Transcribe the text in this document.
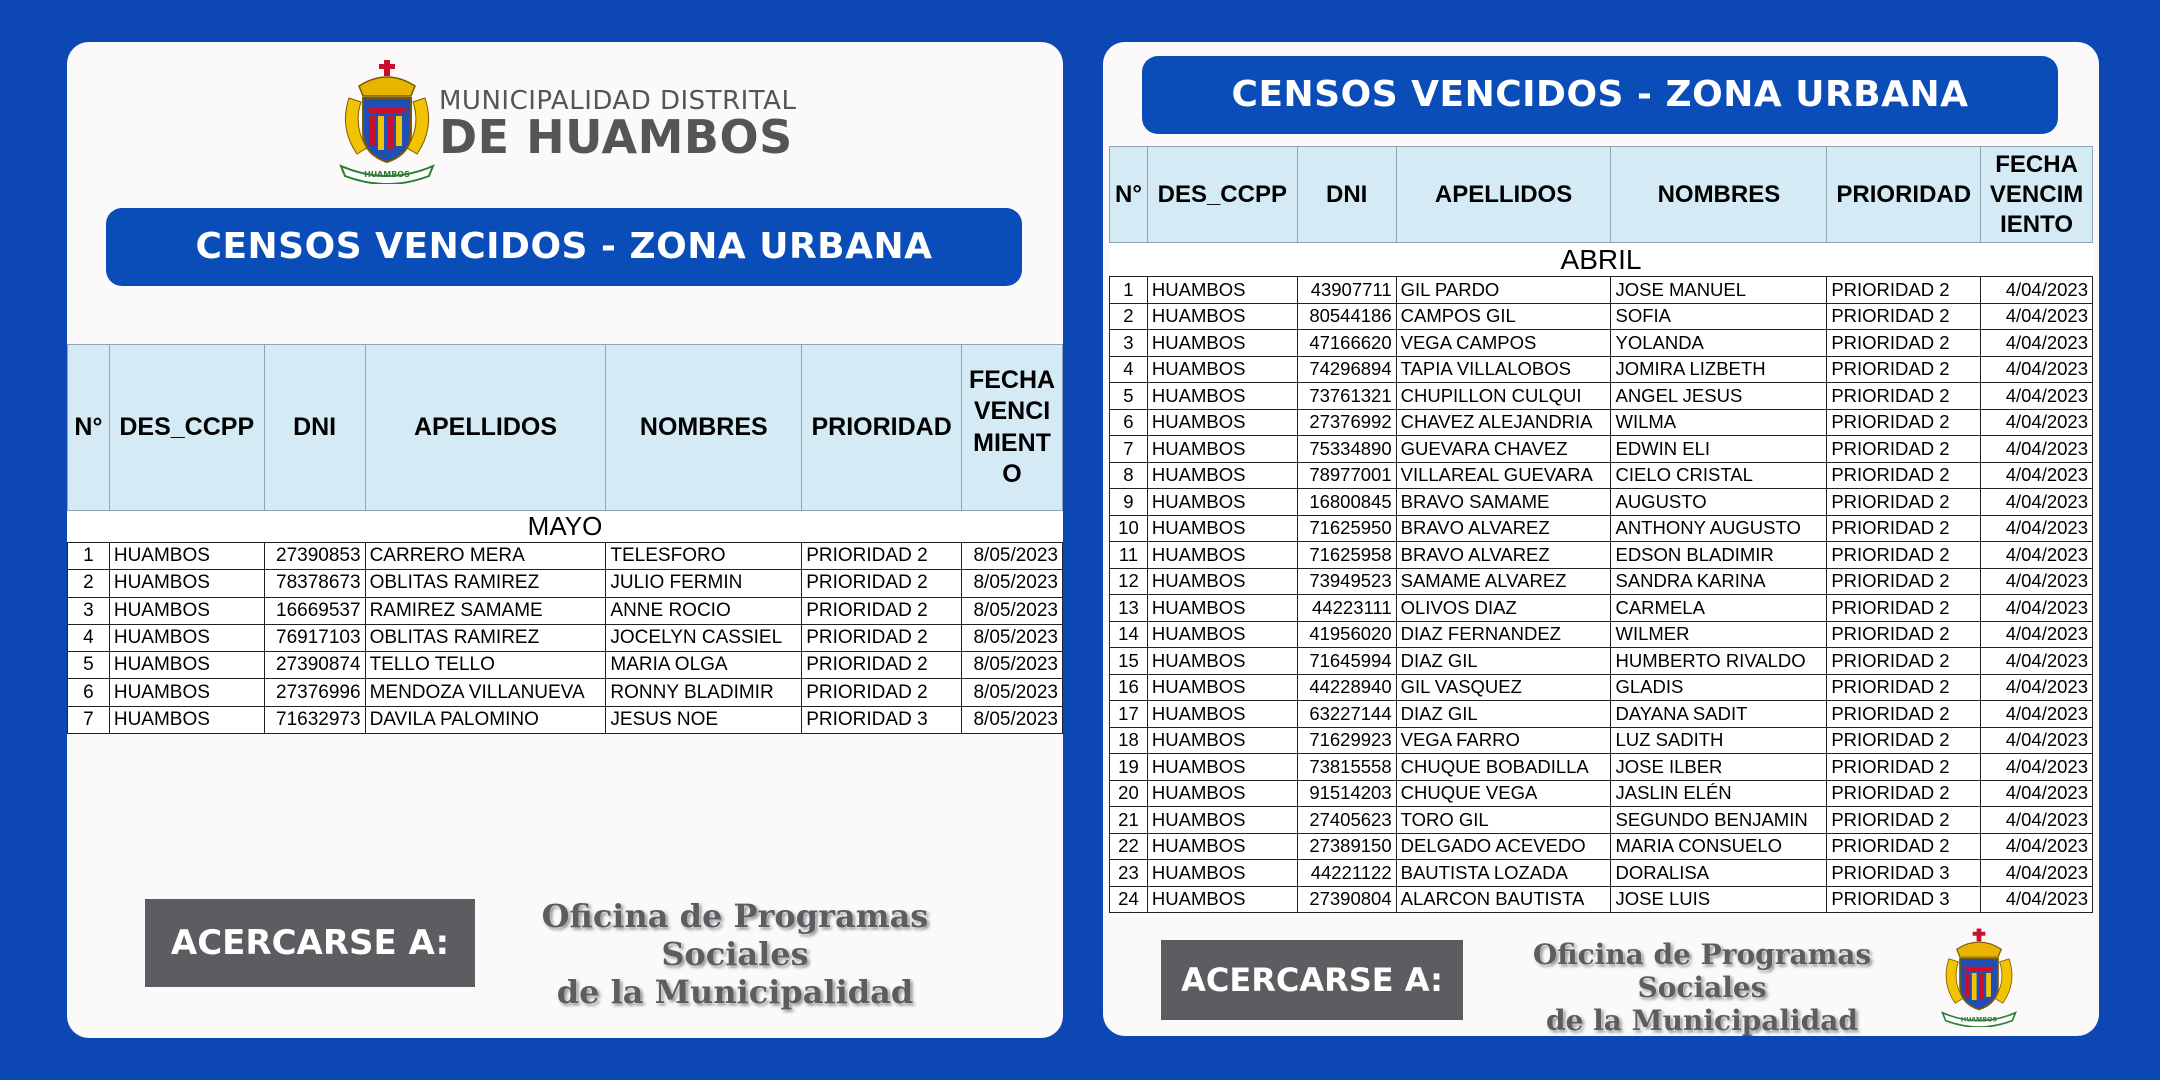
HUAMBOS
MUNICIPALIDAD DISTRITAL
DE HUAMBOS
CENSOS VENCIDOS - ZONA URBANA
N°	DES_CCPP	DNI	APELLIDOS	NOMBRES	PRIORIDAD	FECHA VENCI MIENT O
MAYO						
1	HUAMBOS	27390853	CARRERO MERA	TELESFORO	PRIORIDAD 2	8/05/2023
2	HUAMBOS	78378673	OBLITAS RAMIREZ	JULIO FERMIN	PRIORIDAD 2	8/05/2023
3	HUAMBOS	16669537	RAMIREZ SAMAME	ANNE ROCIO	PRIORIDAD 2	8/05/2023
4	HUAMBOS	76917103	OBLITAS RAMIREZ	JOCELYN CASSIEL	PRIORIDAD 2	8/05/2023
5	HUAMBOS	27390874	TELLO TELLO	MARIA OLGA	PRIORIDAD 2	8/05/2023
6	HUAMBOS	27376996	MENDOZA VILLANUEVA	RONNY BLADIMIR	PRIORIDAD 2	8/05/2023
7	HUAMBOS	71632973	DAVILA PALOMINO	JESUS NOE	PRIORIDAD 3	8/05/2023
ACERCARSE A:
Oficina de Programas Sociales
de la Municipalidad
CENSOS VENCIDOS - ZONA URBANA
N°	DES_CCPP	DNI	APELLIDOS	NOMBRES	PRIORIDAD	FECHA VENCIM IENTO
ABRIL						
1	HUAMBOS	43907711	GIL PARDO	JOSE MANUEL	PRIORIDAD 2	4/04/2023
2	HUAMBOS	80544186	CAMPOS GIL	SOFIA	PRIORIDAD 2	4/04/2023
3	HUAMBOS	47166620	VEGA CAMPOS	YOLANDA	PRIORIDAD 2	4/04/2023
4	HUAMBOS	74296894	TAPIA VILLALOBOS	JOMIRA LIZBETH	PRIORIDAD 2	4/04/2023
5	HUAMBOS	73761321	CHUPILLON CULQUI	ANGEL JESUS	PRIORIDAD 2	4/04/2023
6	HUAMBOS	27376992	CHAVEZ ALEJANDRIA	WILMA	PRIORIDAD 2	4/04/2023
7	HUAMBOS	75334890	GUEVARA CHAVEZ	EDWIN ELI	PRIORIDAD 2	4/04/2023
8	HUAMBOS	78977001	VILLAREAL GUEVARA	CIELO CRISTAL	PRIORIDAD 2	4/04/2023
9	HUAMBOS	16800845	BRAVO SAMAME	AUGUSTO	PRIORIDAD 2	4/04/2023
10	HUAMBOS	71625950	BRAVO ALVAREZ	ANTHONY AUGUSTO	PRIORIDAD 2	4/04/2023
11	HUAMBOS	71625958	BRAVO ALVAREZ	EDSON BLADIMIR	PRIORIDAD 2	4/04/2023
12	HUAMBOS	73949523	SAMAME ALVAREZ	SANDRA KARINA	PRIORIDAD 2	4/04/2023
13	HUAMBOS	44223111	OLIVOS DIAZ	CARMELA	PRIORIDAD 2	4/04/2023
14	HUAMBOS	41956020	DIAZ FERNANDEZ	WILMER	PRIORIDAD 2	4/04/2023
15	HUAMBOS	71645994	DIAZ GIL	HUMBERTO RIVALDO	PRIORIDAD 2	4/04/2023
16	HUAMBOS	44228940	GIL VASQUEZ	GLADIS	PRIORIDAD 2	4/04/2023
17	HUAMBOS	63227144	DIAZ GIL	DAYANA SADIT	PRIORIDAD 2	4/04/2023
18	HUAMBOS	71629923	VEGA FARRO	LUZ SADITH	PRIORIDAD 2	4/04/2023
19	HUAMBOS	73815558	CHUQUE BOBADILLA	JOSE ILBER	PRIORIDAD 2	4/04/2023
20	HUAMBOS	91514203	CHUQUE VEGA	JASLIN ELÉN	PRIORIDAD 2	4/04/2023
21	HUAMBOS	27405623	TORO GIL	SEGUNDO BENJAMIN	PRIORIDAD 2	4/04/2023
22	HUAMBOS	27389150	DELGADO ACEVEDO	MARIA CONSUELO	PRIORIDAD 2	4/04/2023
23	HUAMBOS	44221122	BAUTISTA LOZADA	DORALISA	PRIORIDAD 3	4/04/2023
24	HUAMBOS	27390804	ALARCON BAUTISTA	JOSE LUIS	PRIORIDAD 3	4/04/2023
ACERCARSE A:
Oficina de Programas Sociales
de la Municipalidad	HUAMBOS
